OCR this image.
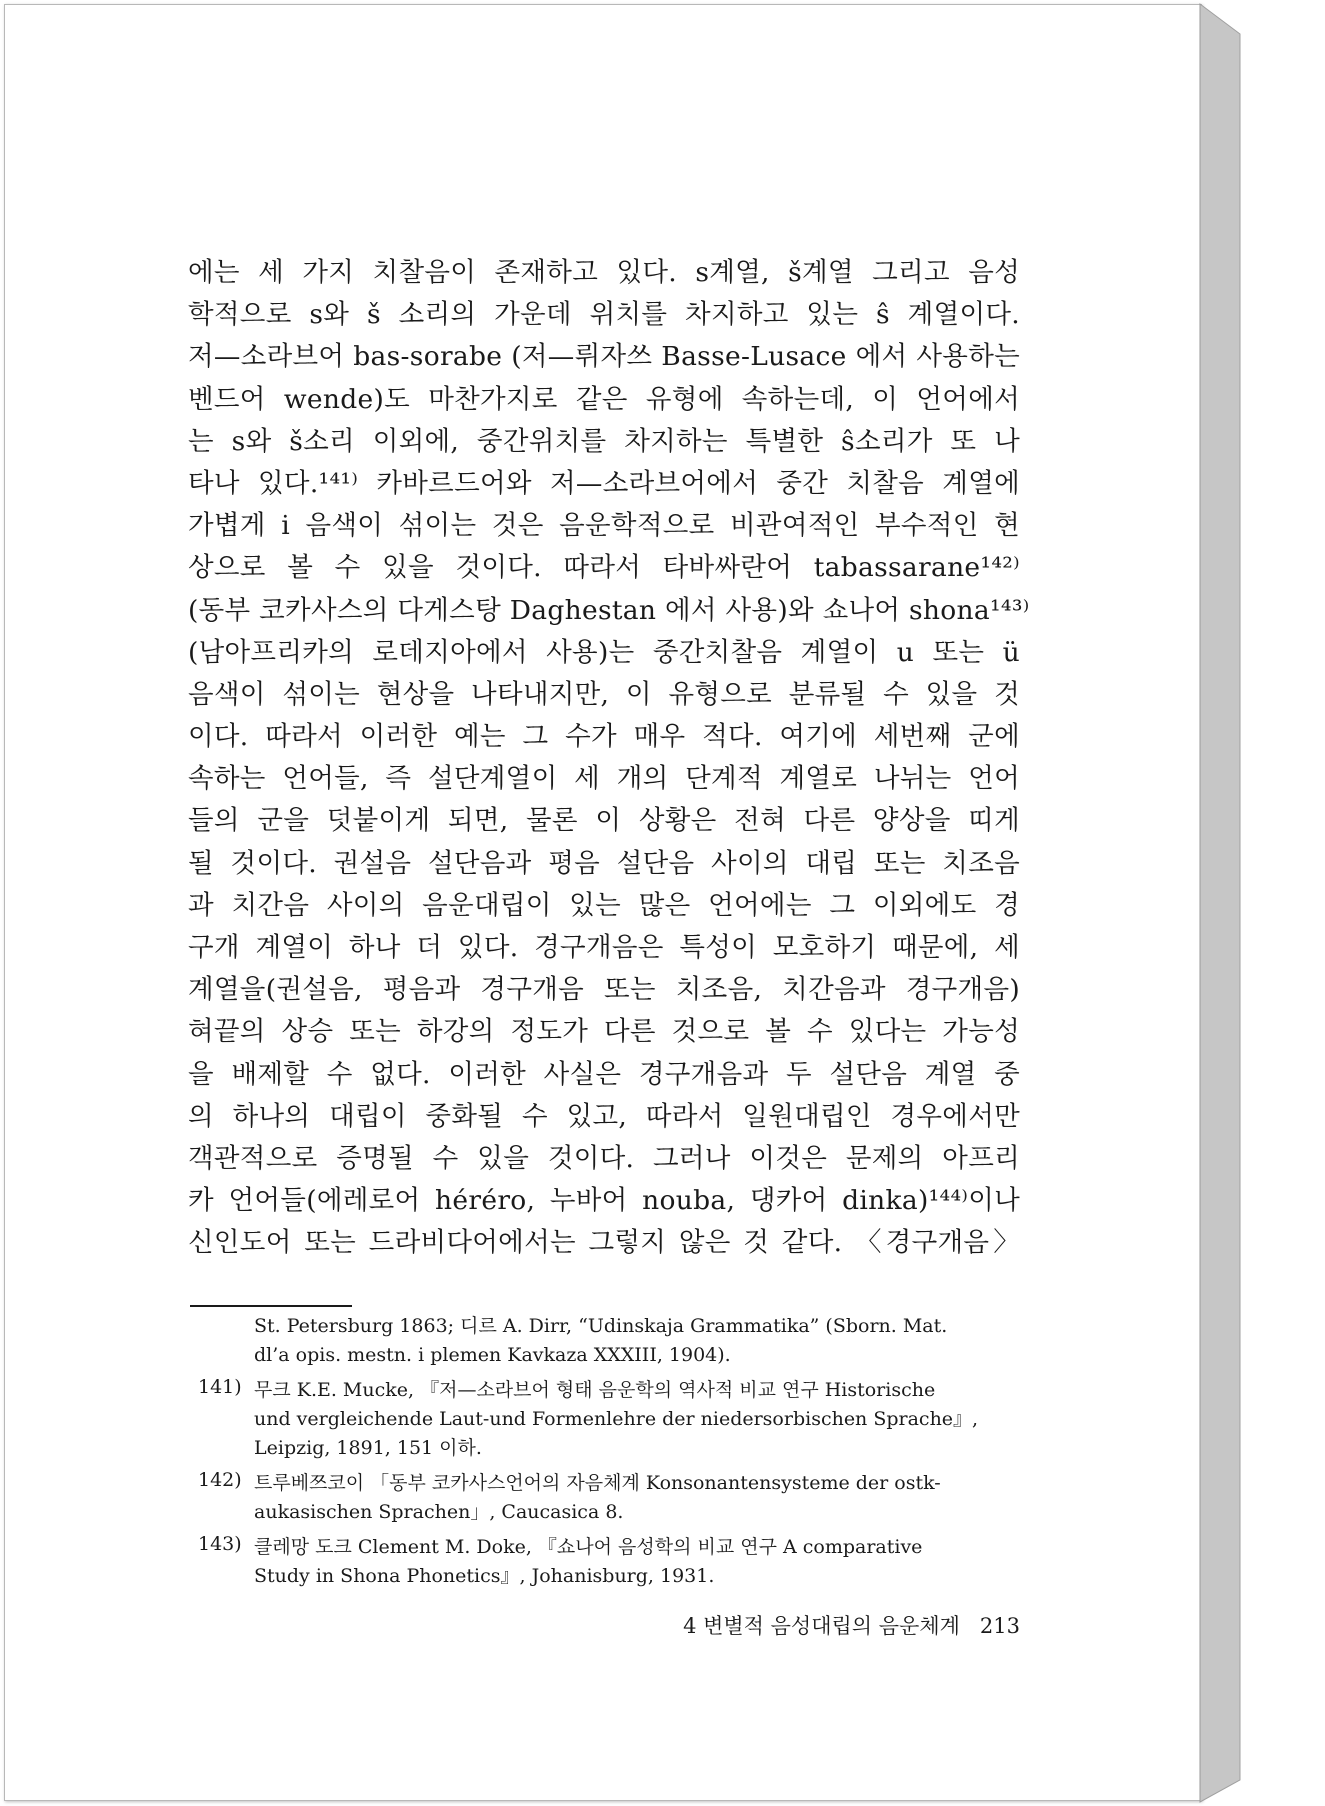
에는 세 가지 치찰음이 존재하고 있다. s계열, š계열 그리고 음성
학적으로 s와 š 소리의 가운데 위치를 차지하고 있는 ŝ 계열이다.
저—소라브어 bas-sorabe (저—뤼자쓰 Basse-Lusace 에서 사용하는
벤드어 wende)도 마찬가지로 같은 유형에 속하는데, 이 언어에서
는 s와 š소리 이외에, 중간위치를 차지하는 특별한 ŝ소리가 또 나
타나 있다.¹⁴¹⁾ 카바르드어와 저—소라브어에서 중간 치찰음 계열에
가볍게 i 음색이 섞이는 것은 음운학적으로 비관여적인 부수적인 현
상으로 볼 수 있을 것이다. 따라서 타바싸란어 tabassarane¹⁴²⁾
(동부 코카사스의 다게스탕 Daghestan 에서 사용)와 쇼나어 shona¹⁴³⁾
(남아프리카의 로데지아에서 사용)는 중간치찰음 계열이 u 또는 ü
음색이 섞이는 현상을 나타내지만, 이 유형으로 분류될 수 있을 것
이다. 따라서 이러한 예는 그 수가 매우 적다. 여기에 세번째 군에
속하는 언어들, 즉 설단계열이 세 개의 단계적 계열로 나뉘는 언어
들의 군을 덧붙이게 되면, 물론 이 상황은 전혀 다른 양상을 띠게
될 것이다. 권설음 설단음과 평음 설단음 사이의 대립 또는 치조음
과 치간음 사이의 음운대립이 있는 많은 언어에는 그 이외에도 경
구개 계열이 하나 더 있다. 경구개음은 특성이 모호하기 때문에, 세
계열을(권설음, 평음과 경구개음 또는 치조음, 치간음과 경구개음)
혀끝의 상승 또는 하강의 정도가 다른 것으로 볼 수 있다는 가능성
을 배제할 수 없다. 이러한 사실은 경구개음과 두 설단음 계열 중
의 하나의 대립이 중화될 수 있고, 따라서 일원대립인 경우에서만
객관적으로 증명될 수 있을 것이다. 그러나 이것은 문제의 아프리
카 언어들(에레로어 héréro, 누바어 nouba, 댕카어 dinka)¹⁴⁴⁾이나
신인도어 또는 드라비다어에서는 그렇지 않은 것 같다. 〈경구개음〉
St. Petersburg 1863; 디르 A. Dirr, “Udinskaja Grammatika” (Sborn. Mat.
dl’a opis. mestn. i plemen Kavkaza XXXIII, 1904).
141) 무크 K.E. Mucke, 『저—소라브어 형태 음운학의 역사적 비교 연구 Historische
und vergleichende Laut-und Formenlehre der niedersorbischen Sprache』,
Leipzig, 1891, 151 이하.
142) 트루베쯔코이 「동부 코카사스언어의 자음체계 Konsonantensysteme der ostk-
aukasischen Sprachen」, Caucasica 8.
143) 클레망 도크 Clement M. Doke, 『쇼나어 음성학의 비교 연구 A comparative
Study in Shona Phonetics』, Johanisburg, 1931.
4 변별적 음성대립의 음운체계 213
